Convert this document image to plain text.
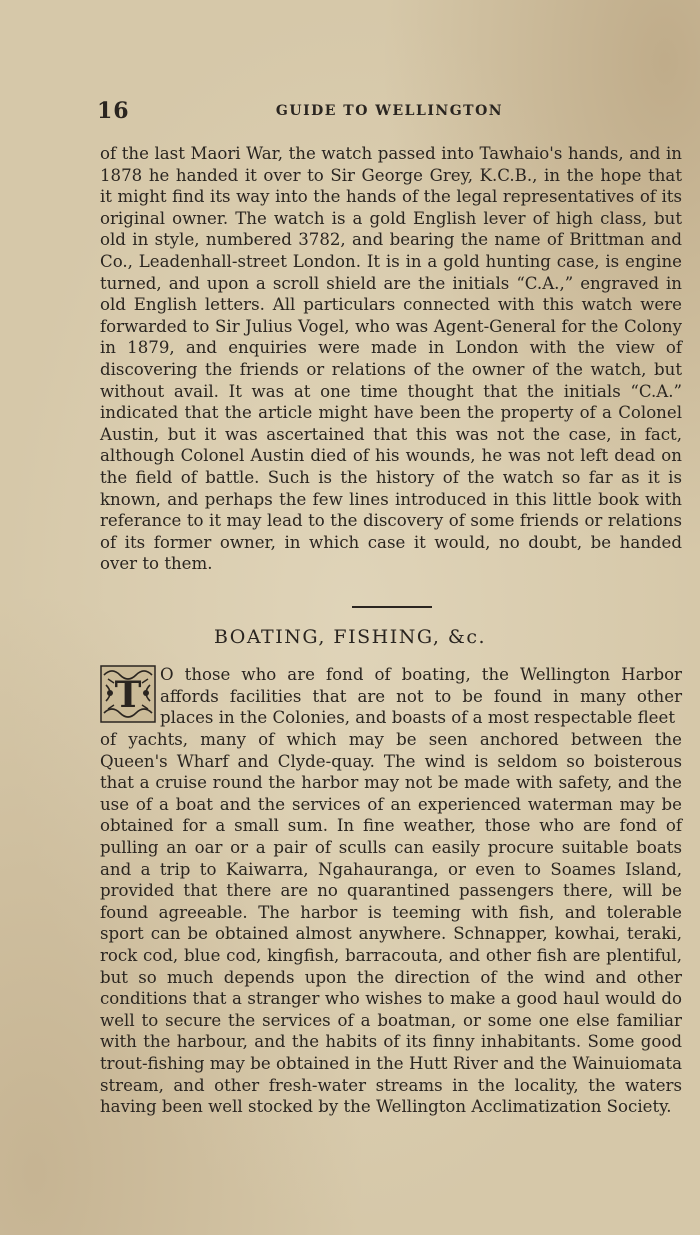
16	GUIDE TO WELLINGTON

of the last Maori War, the watch passed into Tawhaio's hands, and in 1878 he handed it over to Sir George Grey, K.C.B., in the hope that it might find its way into the hands of the legal representatives of its original owner. The watch is a gold English lever of high class, but old in style, numbered 3782, and bearing the name of Brittman and Co., Leadenhall-street London. It is in a gold hunting case, is engine turned, and upon a scroll shield are the initials “C.A.,” engraved in old English letters. All particulars connected with this watch were forwarded to Sir Julius Vogel, who was Agent-General for the Colony in 1879, and enquiries were made in London with the view of discovering the friends or relations of the owner of the watch, but without avail. It was at one time thought that the initials “C.A.” indicated that the article might have been the property of a Colonel Austin, but it was ascertained that this was not the case, in fact, although Colonel Austin died of his wounds, he was not left dead on the field of battle. Such is the history of the watch so far as it is known, and perhaps the few lines introduced in this little book with referance to it may lead to the discovery of some friends or relations of its former owner, in which case it would, no doubt, be handed over to them.

BOATING, FISHING, &c.
T O those who are fond of boating, the Wellington Harbor affords facilities that are not to be found in many other places in the Colonies, and boasts of a most respectable fleet

of yachts, many of which may be seen anchored between the Queen's Wharf and Clyde-quay. The wind is seldom so boisterous that a cruise round the harbor may not be made with safety, and the use of a boat and the services of an experienced waterman may be obtained for a small sum. In fine weather, those who are fond of pulling an oar or a pair of sculls can easily procure suitable boats and a trip to Kaiwarra, Ngahauranga, or even to Soames Island, provided that there are no quarantined passengers there, will be found agreeable. The harbor is teeming with fish, and tolerable sport can be obtained almost anywhere. Schnapper, kowhai, teraki, rock cod, blue cod, kingfish, barracouta, and other fish are plentiful, but so much depends upon the direction of the wind and other conditions that a stranger who wishes to make a good haul would do well to secure the services of a boatman, or some one else familiar with the harbour, and the habits of its finny inhabitants. Some good trout-fishing may be obtained in the Hutt River and the Wainuiomata stream, and other fresh-water streams in the locality, the waters having been well stocked by the Wellington Acclimatization Society.
